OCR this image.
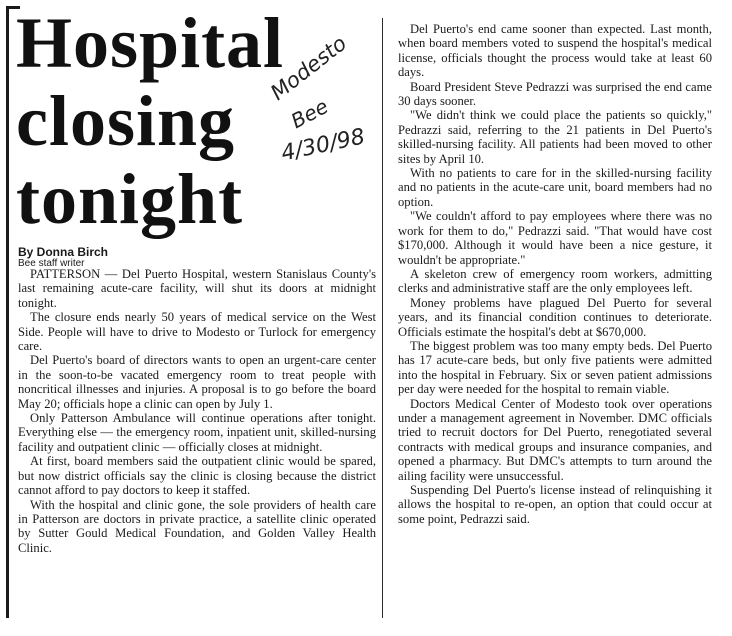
Hospital
closing
tonight
Modesto
Bee
4/30/98
By Donna Birch
Bee staff writer

PATTERSON — Del Puerto Hospital, western Stanislaus County's last remaining acute-care facility, will shut its doors at midnight tonight.

The closure ends nearly 50 years of medical service on the West Side. People will have to drive to Modesto or Turlock for emergency care.

Del Puerto's board of directors wants to open an urgent-care center in the soon-to-be vacated emergency room to treat people with noncritical illnesses and injuries. A proposal is to go before the board May 20; officials hope a clinic can open by July 1.

Only Patterson Ambulance will continue operations after tonight. Everything else — the emergency room, inpatient unit, skilled-nursing facility and outpatient clinic — officially closes at midnight.

At first, board members said the outpatient clinic would be spared, but now district officials say the clinic is closing because the district cannot afford to pay doctors to keep it staffed.

With the hospital and clinic gone, the sole providers of health care in Patterson are doctors in private practice, a satellite clinic operated by Sutter Gould Medical Foundation, and Golden Valley Health Clinic.

Del Puerto's end came sooner than expected. Last month, when board members voted to suspend the hospital's medical license, officials thought the process would take at least 60 days.

Board President Steve Pedrazzi was surprised the end came 30 days sooner.

"We didn't think we could place the patients so quickly," Pedrazzi said, referring to the 21 patients in Del Puerto's skilled-nursing facility. All patients had been moved to other sites by April 10.

With no patients to care for in the skilled-nursing facility and no patients in the acute-care unit, board members had no option.

"We couldn't afford to pay employees where there was no work for them to do," Pedrazzi said. "That would have cost $170,000. Although it would have been a nice gesture, it wouldn't be appropriate."

A skeleton crew of emergency room workers, admitting clerks and administrative staff are the only employees left.

Money problems have plagued Del Puerto for several years, and its financial condition continues to deteriorate. Officials estimate the hospital's debt at $670,000.

The biggest problem was too many empty beds. Del Puerto has 17 acute-care beds, but only five patients were admitted into the hospital in February. Six or seven patient admissions per day were needed for the hospital to remain viable.

Doctors Medical Center of Modesto took over operations under a management agreement in November. DMC officials tried to recruit doctors for Del Puerto, renegotiated several contracts with medical groups and insurance companies, and opened a pharmacy. But DMC's attempts to turn around the ailing facility were unsuccessful.

Suspending Del Puerto's license instead of relinquishing it allows the hospital to re-open, an option that could occur at some point, Pedrazzi said.
